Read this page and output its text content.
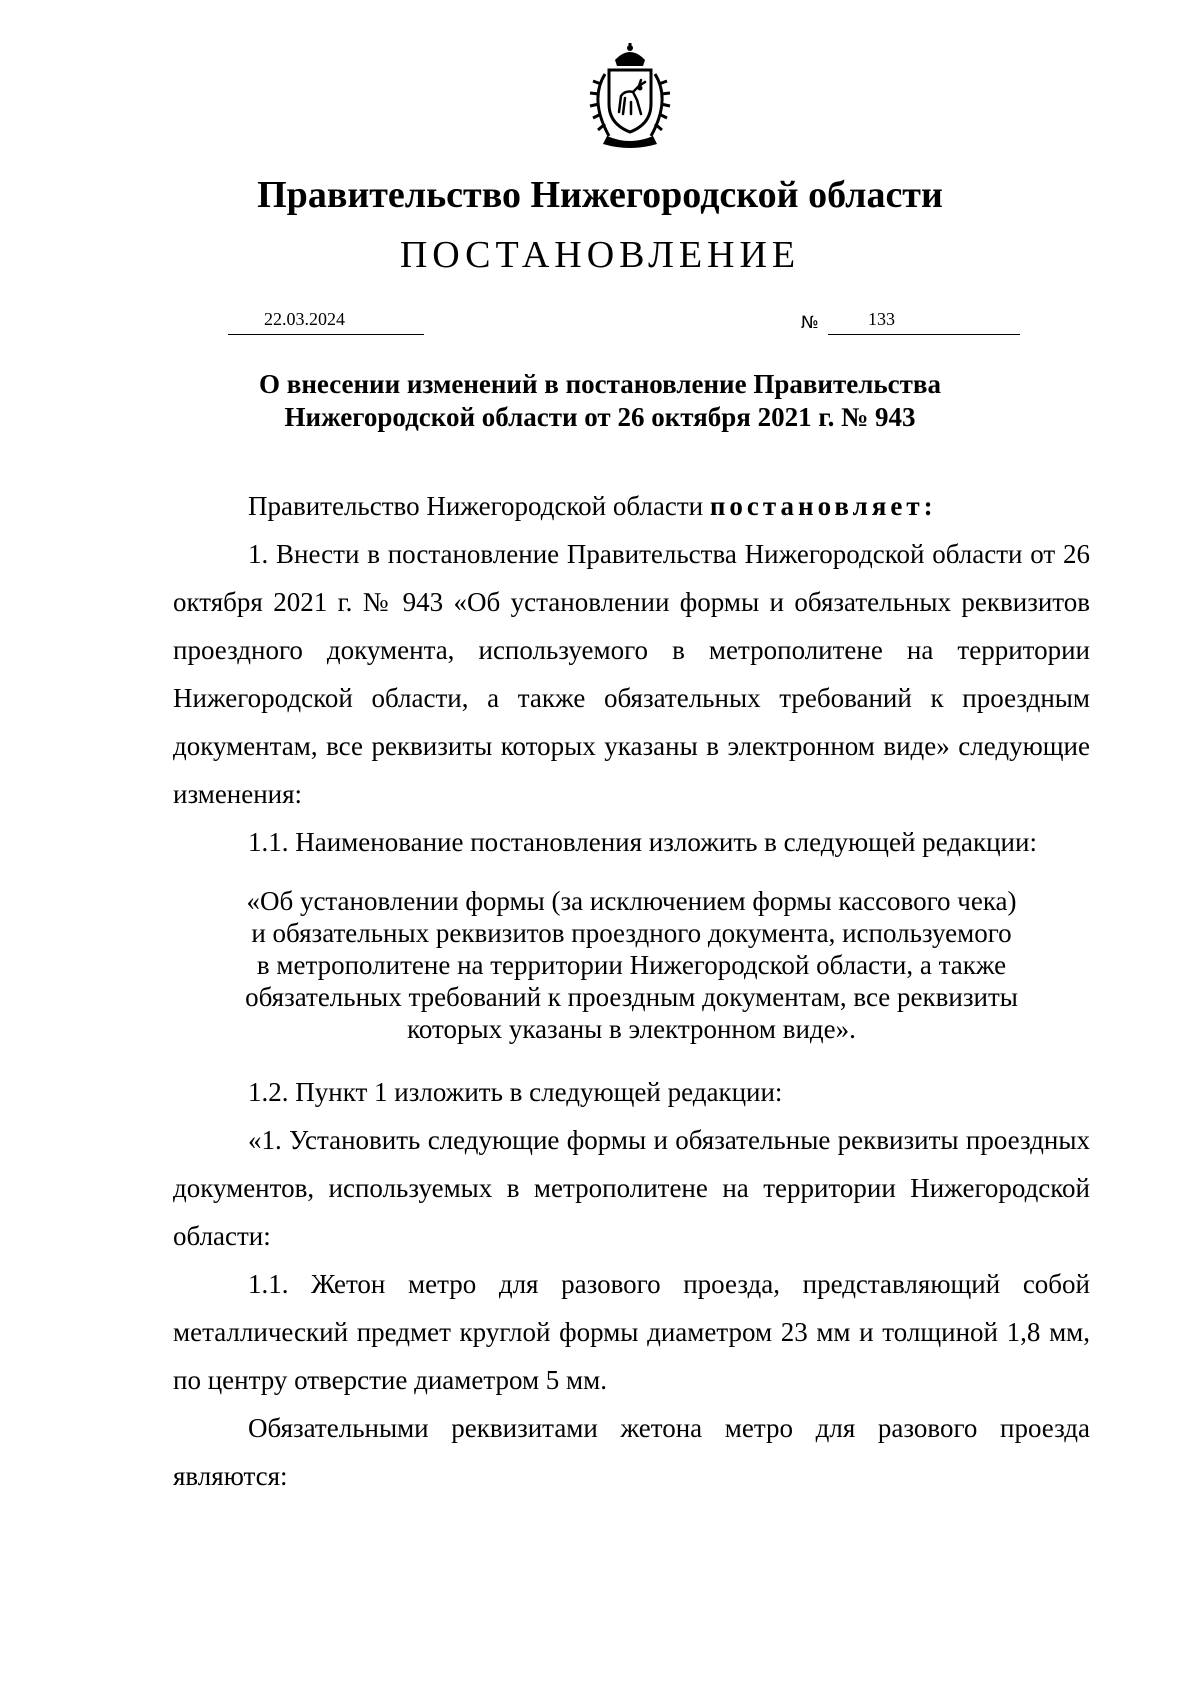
Правительство Нижегородской области
ПОСТАНОВЛЕНИЕ
22.03.2024	№	133
О внесении изменений в постановление Правительства
Нижегородской области от 26 октября 2021 г. № 943

Правительство Нижегородской области постановляет:

1. Внести в постановление Правительства Нижегородской области от 26 октября 2021 г. № 943 «Об установлении формы и обязательных реквизитов проездного документа, используемого в метрополитене на территории Нижегородской области, а также обязательных требований к проездным документам, все реквизиты которых указаны в электронном виде» следующие изменения:

1.1. Наименование постановления изложить в следующей редакции:

«Об установлении формы (за исключением формы кассового чека)
и обязательных реквизитов проездного документа, используемого
в метрополитене на территории Нижегородской области, а также
обязательных требований к проездным документам, все реквизиты
которых указаны в электронном виде».

1.2. Пункт 1 изложить в следующей редакции:

«1. Установить следующие формы и обязательные реквизиты проездных документов, используемых в метрополитене на территории Нижегородской области:

1.1. Жетон метро для разового проезда, представляющий собой металлический предмет круглой формы диаметром 23 мм и толщиной 1,8 мм, по центру отверстие диаметром 5 мм.

Обязательными реквизитами жетона метро для разового проезда являются:
